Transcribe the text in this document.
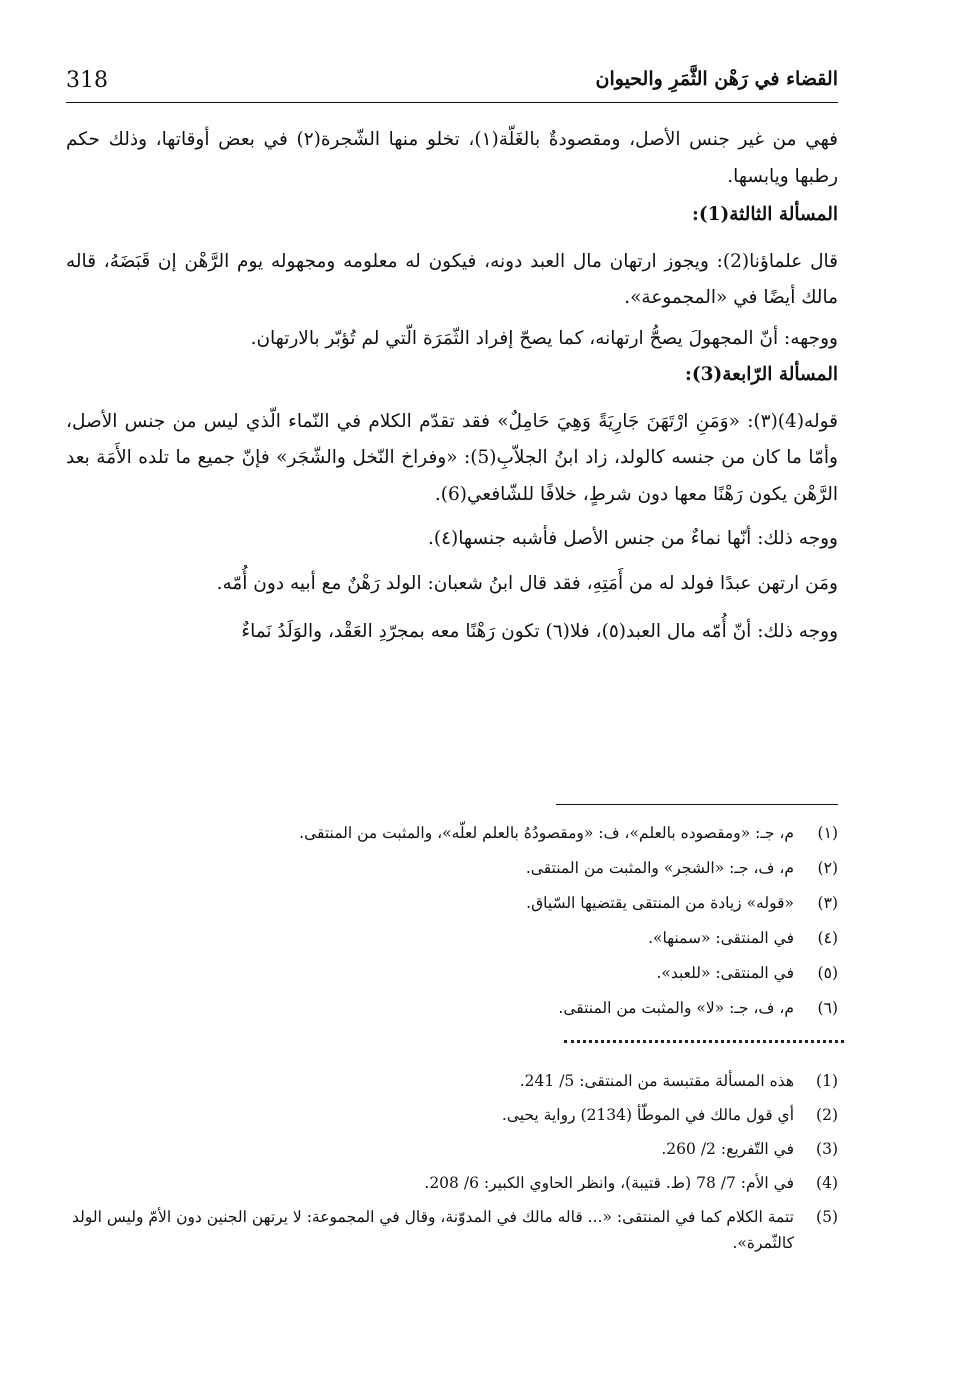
318	القضاء في رَهْن الثَّمَرِ والحيوان

فهي من غير جنس الأصل، ومقصودةٌ بالغَلّة(١)، تخلو منها الشّجرة(٢) في بعض أوقاتها، وذلك حكم رطبها ويابسها.

المسألة الثالثة(1):

قال علماؤنا(2): ويجوز ارتهان مال العبد دونه، فيكون له معلومه ومجهوله يوم الرَّهْن إن قَبَضَهُ، قاله مالك أيضًا في «المجموعة».

ووجهه: أنّ المجهولَ يصحُّ ارتهانه، كما يصحّ إفراد الثّمَرَة الّتي لم تُؤبّر بالارتهان.

المسألة الرّابعة(3):

قوله(4)(٣): «وَمَنِ ارْتَهَنَ جَارِيَةً وَهِيَ حَامِلٌ» فقد تقدّم الكلام في النّماء الّذي ليس من جنس الأصل، وأمّا ما كان من جنسه كالولد، زاد ابنُ الجلاّبِ(5): «وفراخ النّخل والشّجَر» فإنّ جميع ما تلده الأَمَة بعد الرَّهْن يكون رَهْنًا معها دون شرطٍ، خلافًا للشّافعي(6).

ووجه ذلك: أنّها نماءٌ من جنس الأصل فأشبه جنسها(٤).

ومَن ارتهن عبدًا فولد له من أَمَتِهِ، فقد قال ابنُ شعبان: الولد رَهْنٌ مع أبيه دون أُمّه.

ووجه ذلك: أنّ أُمّه مال العبد(٥)، فلا(٦) تكون رَهْنًا معه بمجرّدِ العَقْد، والوَلَدُ نَماءٌ

(١)
م، جـ: «ومقصوده بالعلم»، ف: «ومقصودُهُ بالعلم لعلّه»، والمثبت من المنتقى.
(٢)
م، ف، جـ: «الشجر» والمثبت من المنتقى.
(٣)
«قوله» زيادة من المنتقى يقتضيها السّياق.
(٤)
في المنتقى: «سمنها».
(٥)
في المنتقى: «للعبد».
(٦)
م، ف، جـ: «لا» والمثبت من المنتقى.
(1)
هذه المسألة مقتبسة من المنتقى: 5/ 241.
(2)
أي قول مالك في الموطّأ (2134) رواية يحيى.
(3)
في التّفريع: 2/ 260.
(4)
في الأم: 7/ 78 (ط. قتيبة)، وانظر الحاوي الكبير: 6/ 208.
(5)
تتمة الكلام كما في المنتقى: «... قاله مالك في المدوّنة، وقال في المجموعة: لا يرتهن الجنين دون الأمّ وليس الولد كالثّمرة».
